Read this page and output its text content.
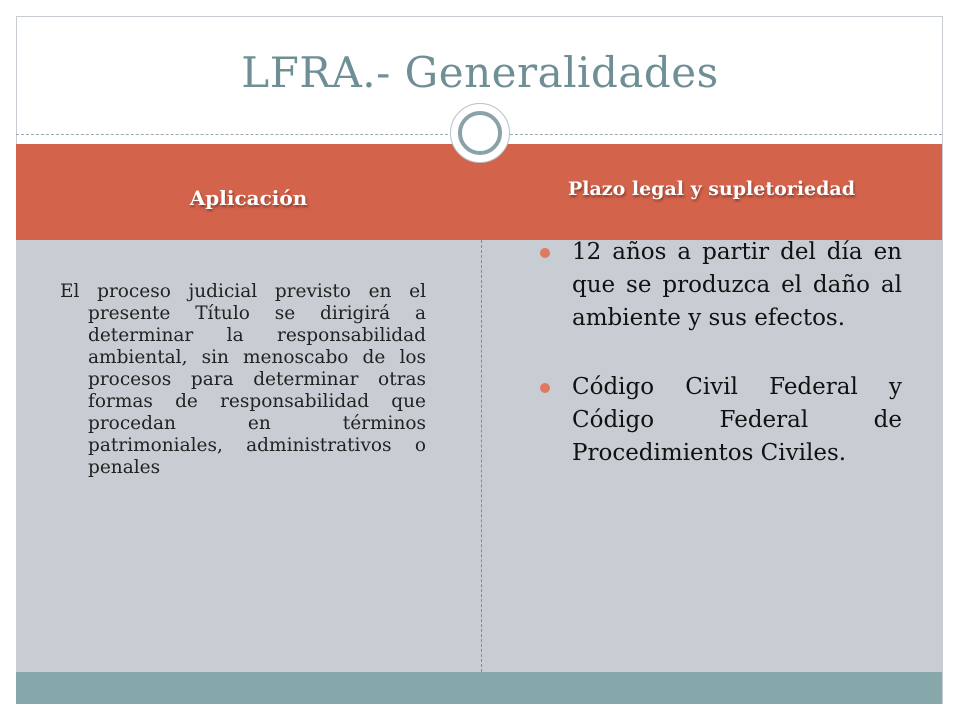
LFRA.- Generalidades
Aplicación	Plazo legal y supletoriedad
El proceso judicial previsto en el presente Título se dirigirá a determinar la responsabilidad ambiental, sin menoscabo de los procesos para determinar otras formas de responsabilidad que procedan en términos patrimoniales, administrativos o penales
12 años a partir del día en que se produzca el daño al ambiente y sus efectos.
Código Civil Federal y Código Federal de Procedimientos Civiles.
